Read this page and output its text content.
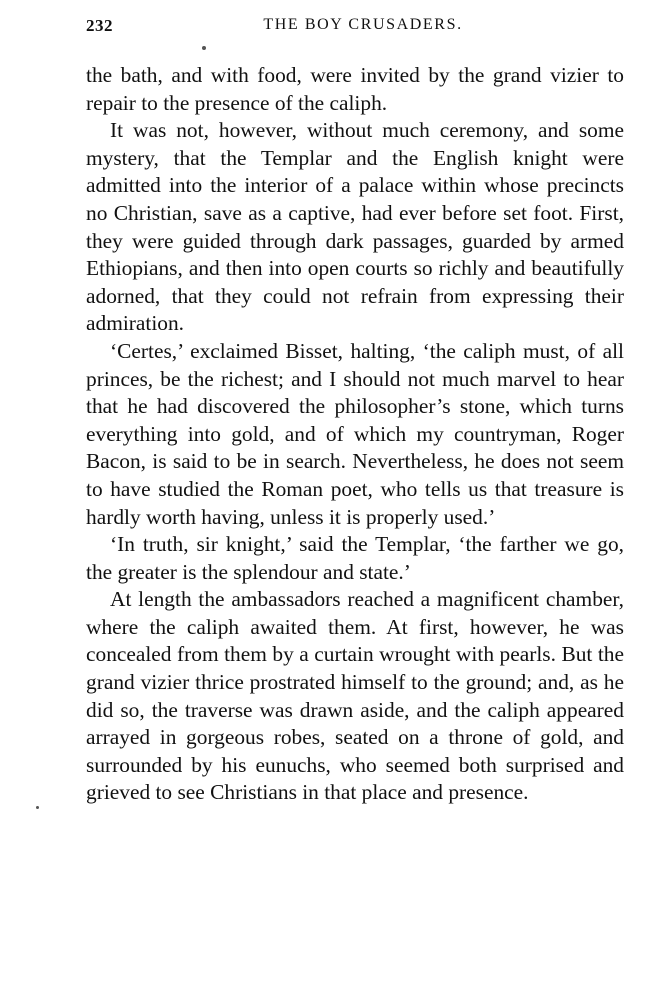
232	THE BOY CRUSADERS.

the bath, and with food, were invited by the grand vizier to repair to the presence of the caliph.

It was not, however, without much ceremony, and some mystery, that the Templar and the English knight were admitted into the interior of a palace within whose precincts no Christian, save as a captive, had ever before set foot. First, they were guided through dark passages, guarded by armed Ethiopians, and then into open courts so richly and beautifully adorned, that they could not refrain from expressing their admiration.

‘Certes,’ exclaimed Bisset, halting, ‘the caliph must, of all princes, be the richest; and I should not much marvel to hear that he had discovered the philosopher’s stone, which turns everything into gold, and of which my countryman, Roger Bacon, is said to be in search. Nevertheless, he does not seem to have studied the Roman poet, who tells us that treasure is hardly worth having, unless it is properly used.’

‘In truth, sir knight,’ said the Templar, ‘the farther we go, the greater is the splendour and state.’

At length the ambassadors reached a magnificent chamber, where the caliph awaited them. At first, however, he was concealed from them by a curtain wrought with pearls. But the grand vizier thrice prostrated himself to the ground; and, as he did so, the traverse was drawn aside, and the caliph appeared arrayed in gorgeous robes, seated on a throne of gold, and surrounded by his eunuchs, who seemed both surprised and grieved to see Christians in that place and presence.
